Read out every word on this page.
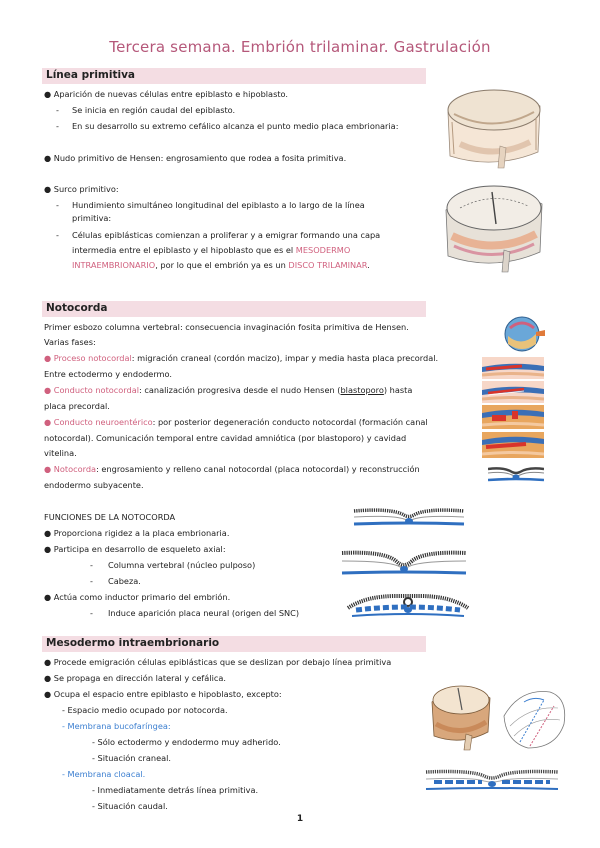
Tercera semana. Embrión trilaminar. Gastrulación
Línea primitiva
● Aparición de nuevas células entre epiblasto e hipoblasto.
- Se inicia en región caudal del epiblasto.
- En su desarrollo su extremo cefálico alcanza el punto medio placa embrionaria:
● Nudo primitivo de Hensen: engrosamiento que rodea a fosita primitiva.
● Surco primitivo:
- Hundimiento simultáneo longitudinal del epiblasto a lo largo de la línea
primitiva:
- Células epiblásticas comienzan a proliferar y a emigrar formando una capa
intermedia entre el epiblasto y el hipoblasto que es el MESODERMO
INTRAEMBRIONARIO, por lo que el embrión ya es un DISCO TRILAMINAR.
Notocorda
Primer esbozo columna vertebral: consecuencia invaginación fosita primitiva de Hensen.
Varias fases:
● Proceso notocordal: migración craneal (cordón macizo), impar y media hasta placa precordal.
Entre ectodermo y endodermo.
● Conducto notocordal: canalización progresiva desde el nudo Hensen (blastoporo) hasta
placa precordal.
● Conducto neuroentérico: por posterior degeneración conducto notocordal (formación canal
notocordal). Comunicación temporal entre cavidad amniótica (por blastoporo) y cavidad
vitelina.
● Notocorda: engrosamiento y relleno canal notocordal (placa notocordal) y reconstrucción
endodermo subyacente.
FUNCIONES DE LA NOTOCORDA
● Proporciona rigidez a la placa embrionaria.
● Participa en desarrollo de esqueleto axial:
- Columna vertebral (núcleo pulposo)
- Cabeza.
● Actúa como inductor primario del embrión.
- Induce aparición placa neural (origen del SNC)
Mesodermo intraembrionario
● Procede emigración células epiblásticas que se deslizan por debajo línea primitiva
● Se propaga en dirección lateral y cefálica.
● Ocupa el espacio entre epiblasto e hipoblasto, excepto:
- Espacio medio ocupado por notocorda.
- Membrana bucofaríngea:
- Sólo ectodermo y endodermo muy adherido.
- Situación craneal.
- Membrana cloacal.
- Inmediatamente detrás línea primitiva.
- Situación caudal.
1
